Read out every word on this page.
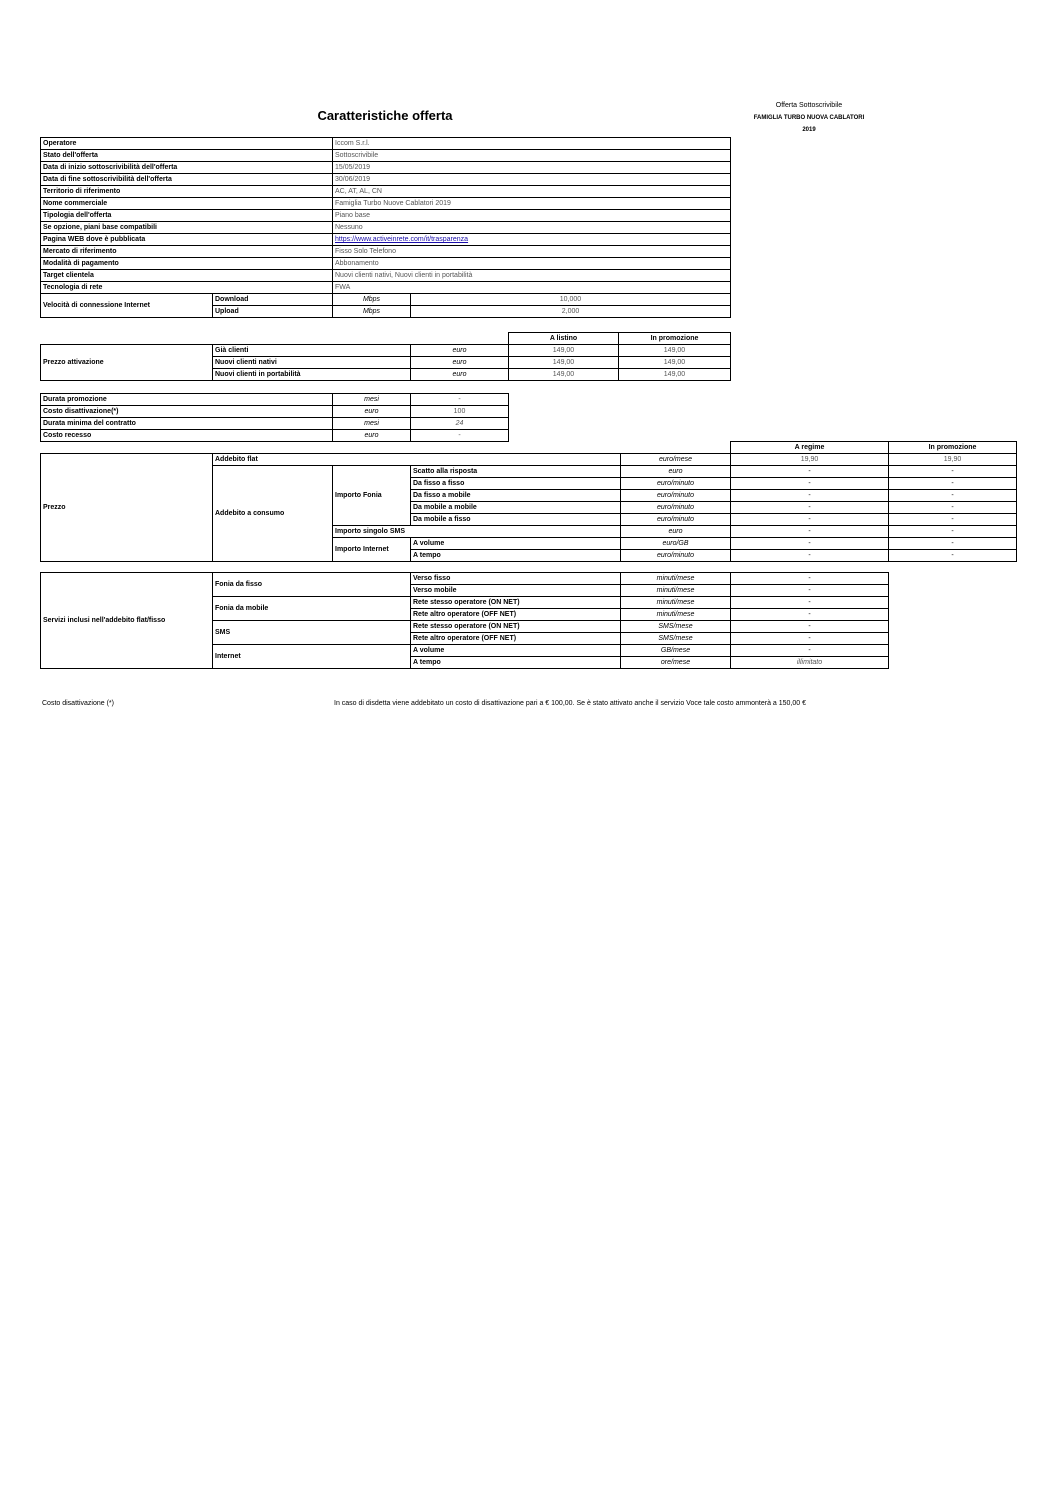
Caratteristiche offerta
Offerta Sottoscrivibile
FAMIGLIA TURBO NUOVA CABLATORI
2019
Operatore		Iccom S.r.l.	
Stato dell'offerta		Sottoscrivibile	
Data di inizio sottoscrivibilità dell'offerta		15/05/2019	
Data di fine sottoscrivibilità dell'offerta		30/06/2019	
Territorio di riferimento		AC, AT, AL, CN	
Nome commerciale		Famiglia Turbo Nuove Cablatori 2019	
Tipologia dell'offerta		Piano base	
Se opzione, piani base compatibili		Nessuno	
Pagina WEB dove è pubblicata		https://www.activeinrete.com/it/trasparenza	
Mercato di riferimento		Fisso Solo Telefono	
Modalità di pagamento		Abbonamento	
Target clientela		Nuovi clienti nativi, Nuovi clienti in portabilità	
Tecnologia di rete		FWA	
Velocità di connessione Internet	Download	Mbps	10,000
	Upload	Mbps	2,000
			A listino	In promozione
Prezzo attivazione	Già clienti	euro	149,00	149,00
	Nuovi clienti nativi	euro	149,00	149,00
	Nuovi clienti in portabilità	euro	149,00	149,00
Durata promozione	mesi	-
Costo disattivazione(*)	euro	100
Durata minima del contratto	mesi	24
Costo recesso	euro	-
					A regime	In promozione
Prezzo	Addebito flat			euro/mese	19,90	19,90
	Addebito a consumo	Importo Fonia	Scatto alla risposta	euro	-	-
			Da fisso a fisso	euro/minuto	-	-
			Da fisso a mobile	euro/minuto	-	-
			Da mobile a mobile	euro/minuto	-	-
			Da mobile a fisso	euro/minuto	-	-
		Importo singolo SMS		euro	-	-
		Importo Internet	A volume	euro/GB	-	-
			A tempo	euro/minuto	-	-
Servizi inclusi nell'addebito flat/fisso	Fonia da fisso	Verso fisso	minuti/mese	-
		Verso mobile	minuti/mese	-
	Fonia da mobile	Rete stesso operatore (ON NET)	minuti/mese	-
		Rete altro operatore (OFF NET)	minuti/mese	-
	SMS	Rete stesso operatore (ON NET)	SMS/mese	-
		Rete altro operatore (OFF NET)	SMS/mese	-
	Internet	A volume	GB/mese	-
		A tempo	ore/mese	illimitato
Costo disattivazione (*)	In caso di disdetta viene addebitato un costo di disattivazione pari a € 100,00. Se è stato attivato anche il servizio Voce tale costo ammonterà a 150,00 €
